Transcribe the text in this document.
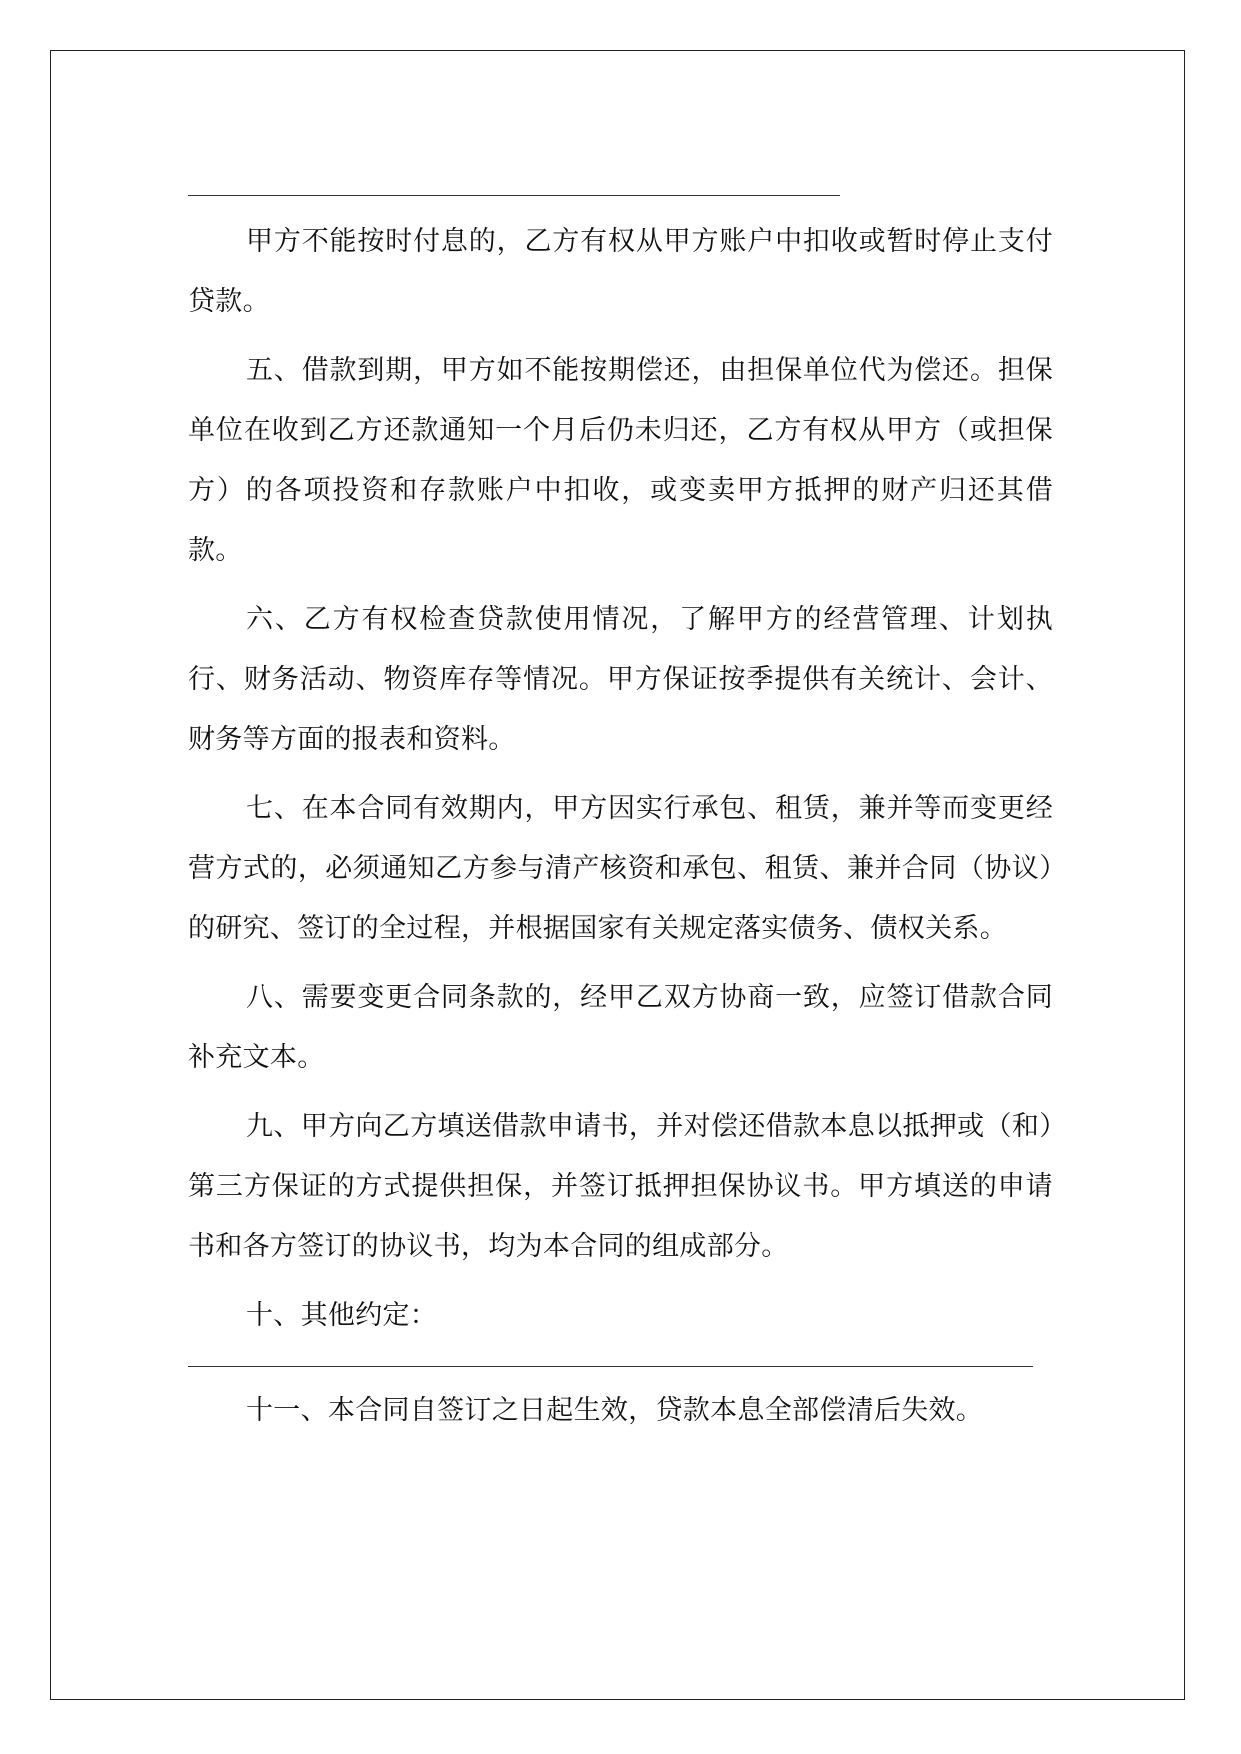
甲方不能按时付息的，乙方有权从甲方账户中扣收或暂时停止支付贷款。

五、借款到期，甲方如不能按期偿还，由担保单位代为偿还。担保单位在收到乙方还款通知一个月后仍未归还，乙方有权从甲方（或担保方）的各项投资和存款账户中扣收，或变卖甲方抵押的财产归还其借款。

六、乙方有权检查贷款使用情况，了解甲方的经营管理、计划执行、财务活动、物资库存等情况。甲方保证按季提供有关统计、会计、财务等方面的报表和资料。

七、在本合同有效期内，甲方因实行承包、租赁，兼并等而变更经营方式的，必须通知乙方参与清产核资和承包、租赁、兼并合同（协议）的研究、签订的全过程，并根据国家有关规定落实债务、债权关系。

八、需要变更合同条款的，经甲乙双方协商一致，应签订借款合同补充文本。

九、甲方向乙方填送借款申请书，并对偿还借款本息以抵押或（和）第三方保证的方式提供担保，并签订抵押担保协议书。甲方填送的申请书和各方签订的协议书，均为本合同的组成部分。

十、其他约定：

十一、本合同自签订之日起生效，贷款本息全部偿清后失效。
